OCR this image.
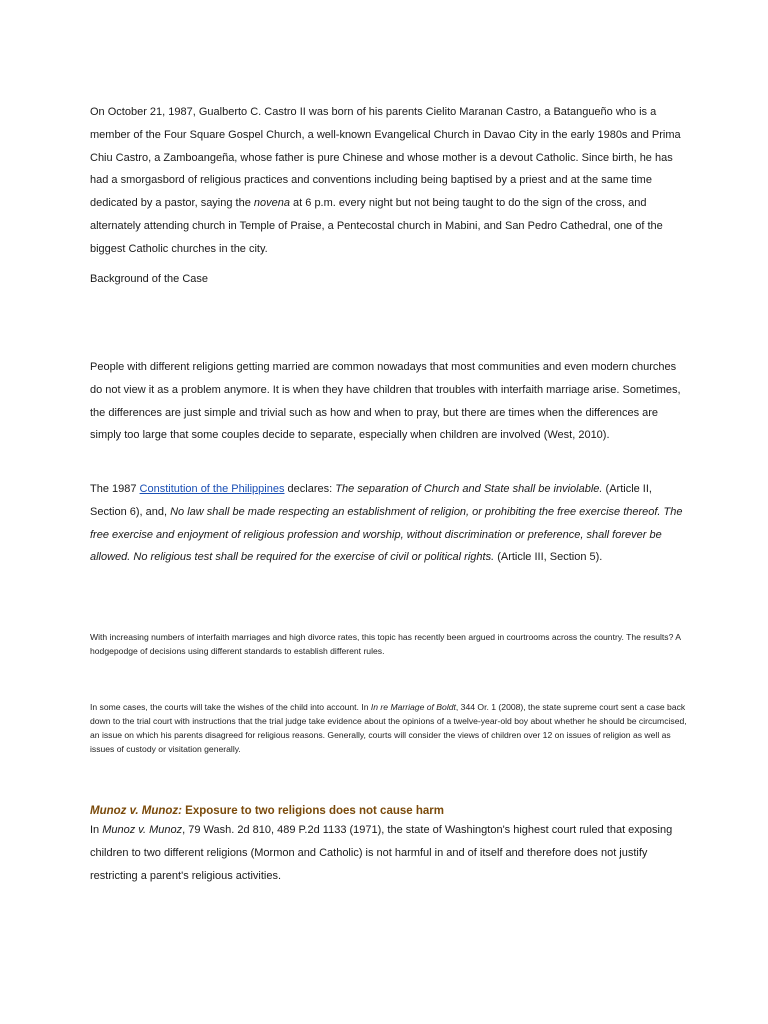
On October 21, 1987, Gualberto C. Castro II was born of his parents Cielito Maranan Castro, a Batangueño who is a member of the Four Square Gospel Church, a well-known Evangelical Church in Davao City in the early 1980s and Prima Chiu Castro, a Zamboangeña, whose father is pure Chinese and whose mother is a devout Catholic. Since birth, he has had a smorgasbord of religious practices and conventions including being baptised by a priest and at the same time dedicated by a pastor, saying the novena at 6 p.m. every night but not being taught to do the sign of the cross, and alternately attending church in Temple of Praise, a Pentecostal church in Mabini, and San Pedro Cathedral, one of the biggest Catholic churches in the city.

Background of the Case

People with different religions getting married are common nowadays that most communities and even modern churches do not view it as a problem anymore. It is when they have children that troubles with interfaith marriage arise. Sometimes, the differences are just simple and trivial such as how and when to pray, but there are times when the differences are simply too large that some couples decide to separate, especially when children are involved (West, 2010).

The 1987 Constitution of the Philippines declares: The separation of Church and State shall be inviolable. (Article II, Section 6), and, No law shall be made respecting an establishment of religion, or prohibiting the free exercise thereof. The free exercise and enjoyment of religious profession and worship, without discrimination or preference, shall forever be allowed. No religious test shall be required for the exercise of civil or political rights. (Article III, Section 5).

With increasing numbers of interfaith marriages and high divorce rates, this topic has recently been argued in courtrooms across the country. The results? A hodgepodge of decisions using different standards to establish different rules.

In some cases, the courts will take the wishes of the child into account. In In re Marriage of Boldt, 344 Or. 1 (2008), the state supreme court sent a case back down to the trial court with instructions that the trial judge take evidence about the opinions of a twelve-year-old boy about whether he should be circumcised, an issue on which his parents disagreed for religious reasons. Generally, courts will consider the views of children over 12 on issues of religion as well as issues of custody or visitation generally.

Munoz v. Munoz: Exposure to two religions does not cause harm

In Munoz v. Munoz, 79 Wash. 2d 810, 489 P.2d 1133 (1971), the state of Washington's highest court ruled that exposing children to two different religions (Mormon and Catholic) is not harmful in and of itself and therefore does not justify restricting a parent's religious activities.
